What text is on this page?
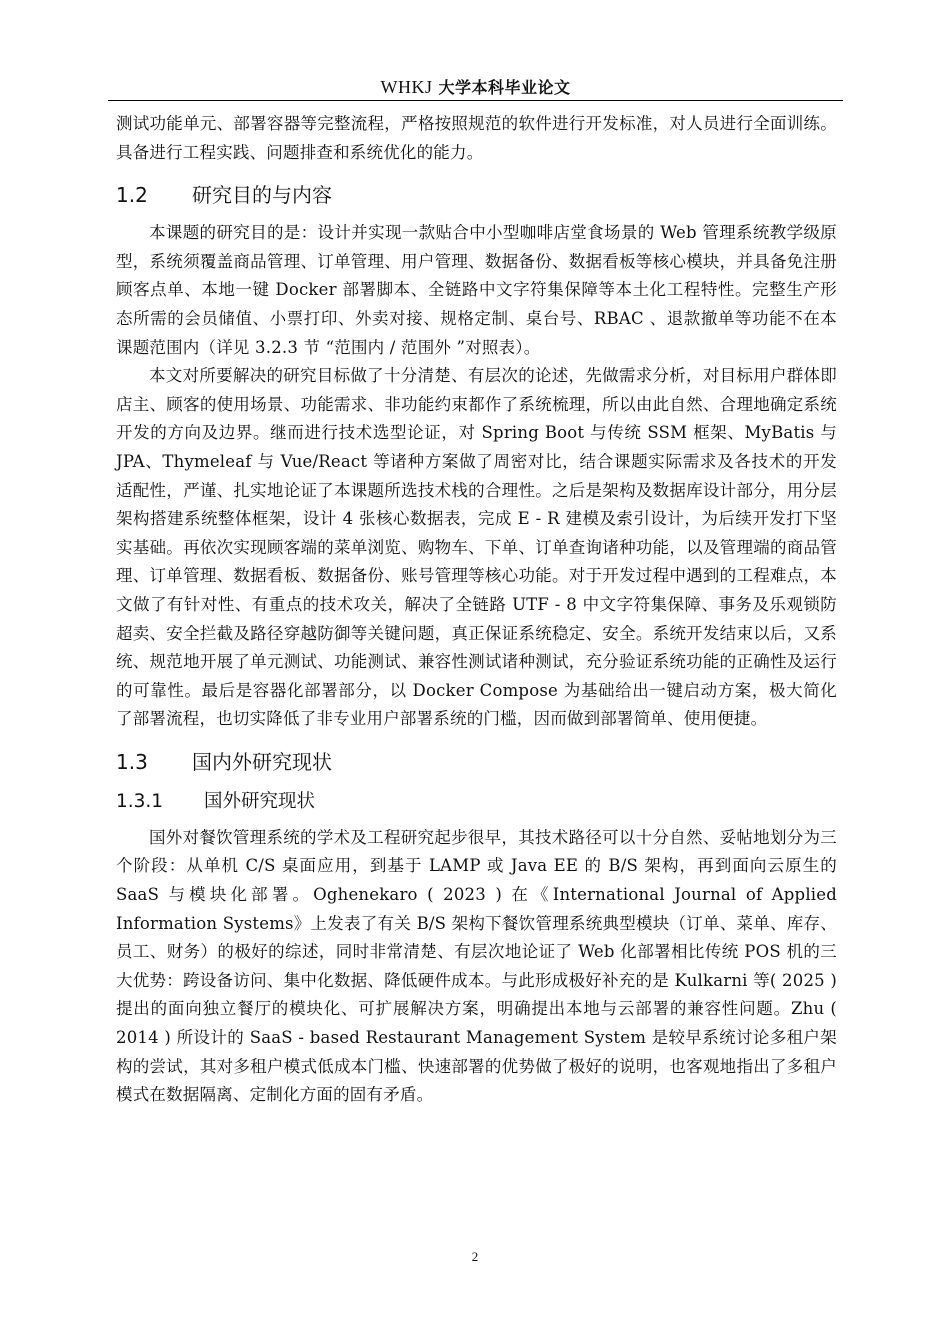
WHKJ 大学本科毕业论文

测试功能单元、部署容器等完整流程，严格按照规范的软件进行开发标准，对人员进行全面训练。具备进行工程实践、问题排查和系统优化的能力。

1.2 研究目的与内容

本课题的研究目的是：设计并实现一款贴合中小型咖啡店堂食场景的 Web 管理系统教学级原型，系统须覆盖商品管理、订单管理、用户管理、数据备份、数据看板等核心模块，并具备免注册顾客点单、本地一键 Docker 部署脚本、全链路中文字符集保障等本土化工程特性。完整生产形态所需的会员储值、小票打印、外卖对接、规格定制、桌台号、RBAC 、退款撤单等功能不在本课题范围内（详见 3.2.3 节 “范围内 / 范围外 ”对照表）。

本文对所要解决的研究目标做了十分清楚、有层次的论述，先做需求分析，对目标用户群体即店主、顾客的使用场景、功能需求、非功能约束都作了系统梳理，所以由此自然、合理地确定系统开发的方向及边界。继而进行技术选型论证，对 Spring Boot 与传统 SSM 框架、MyBatis 与 JPA、Thymeleaf 与 Vue/React 等诸种方案做了周密对比，结合课题实际需求及各技术的开发适配性，严谨、扎实地论证了本课题所选技术栈的合理性。之后是架构及数据库设计部分，用分层架构搭建系统整体框架，设计 4 张核心数据表，完成 E - R 建模及索引设计，为后续开发打下坚实基础。再依次实现顾客端的菜单浏览、购物车、下单、订单查询诸种功能，以及管理端的商品管理、订单管理、数据看板、数据备份、账号管理等核心功能。对于开发过程中遇到的工程难点，本文做了有针对性、有重点的技术攻关，解决了全链路 UTF - 8 中文字符集保障、事务及乐观锁防超卖、安全拦截及路径穿越防御等关键问题，真正保证系统稳定、安全。系统开发结束以后，又系统、规范地开展了单元测试、功能测试、兼容性测试诸种测试，充分验证系统功能的正确性及运行的可靠性。最后是容器化部署部分，以 Docker Compose 为基础给出一键启动方案，极大简化了部署流程，也切实降低了非专业用户部署系统的门槛，因而做到部署简单、使用便捷。

1.3 国内外研究现状
1.3.1 国外研究现状

国外对餐饮管理系统的学术及工程研究起步很早，其技术路径可以十分自然、妥帖地划分为三个阶段：从单机 C/S 桌面应用，到基于 LAMP 或 Java EE 的 B/S 架构，再到面向云原生的 SaaS 与模块化部署。Oghenekaro ( 2023 ) 在《International Journal of Applied Information Systems》上发表了有关 B/S 架构下餐饮管理系统典型模块（订单、菜单、库存、员工、财务）的极好的综述，同时非常清楚、有层次地论证了 Web 化部署相比传统 POS 机的三大优势：跨设备访问、集中化数据、降低硬件成本。与此形成极好补充的是 Kulkarni 等( 2025 ) 提出的面向独立餐厅的模块化、可扩展解决方案，明确提出本地与云部署的兼容性问题。Zhu ( 2014 ) 所设计的 SaaS - based Restaurant Management System 是较早系统讨论多租户架构的尝试，其对多租户模式低成本门槛、快速部署的优势做了极好的说明，也客观地指出了多租户模式在数据隔离、定制化方面的固有矛盾。

2
